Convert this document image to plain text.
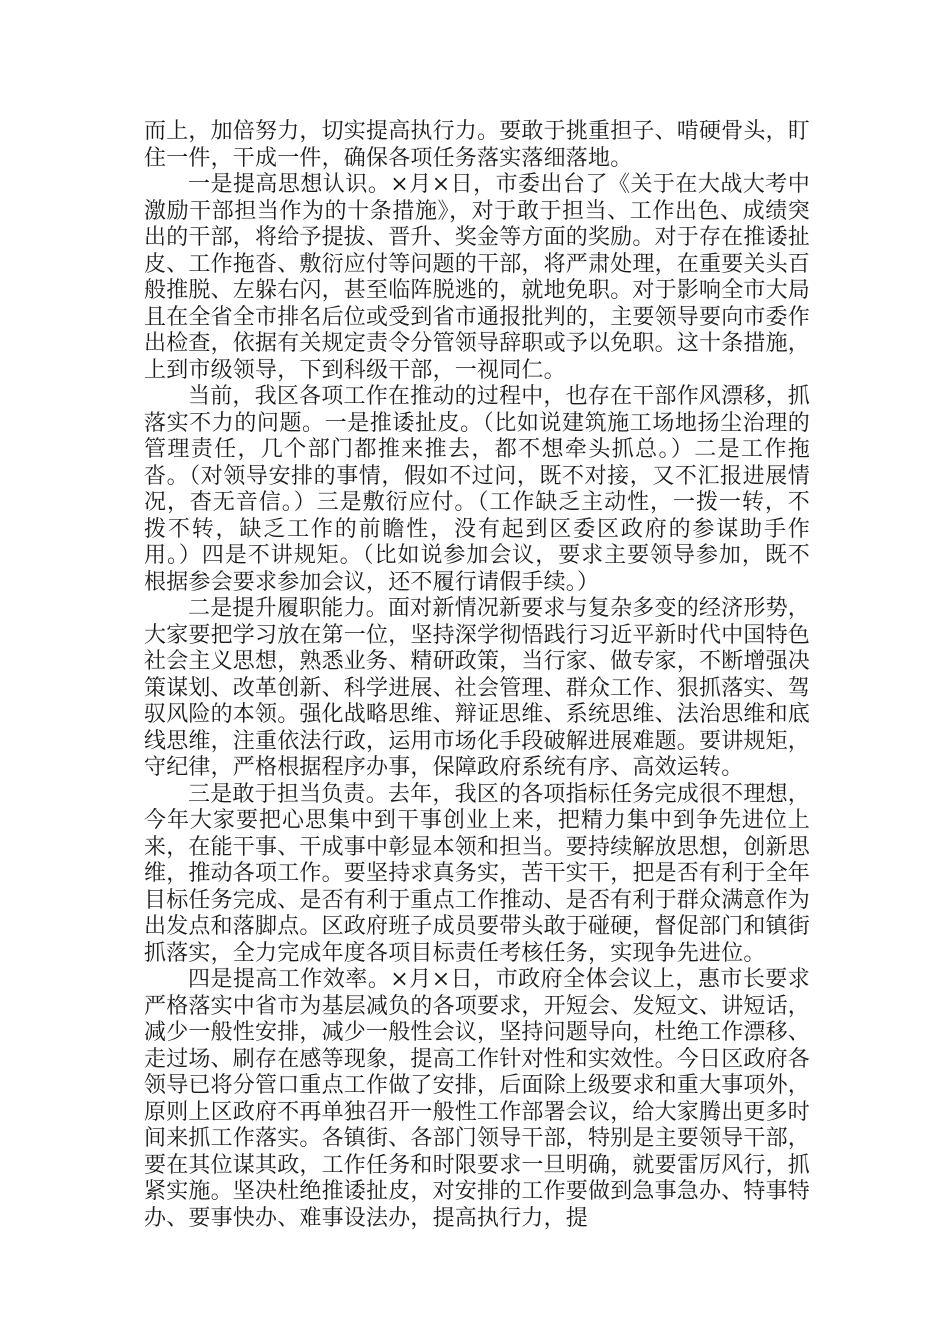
而上，加倍努力，切实提高执行力。要敢于挑重担子、啃硬骨头，盯住一件，干成一件，确保各项任务落实落细落地。

一是提高思想认识。×月×日，市委出台了《关于在大战大考中激励干部担当作为的十条措施》，对于敢于担当、工作出色、成绩突出的干部，将给予提拔、晋升、奖金等方面的奖励。对于存在推诿扯皮、工作拖沓、敷衍应付等问题的干部，将严肃处理，在重要关头百般推脱、左躲右闪，甚至临阵脱逃的，就地免职。对于影响全市大局且在全省全市排名后位或受到省市通报批判的，主要领导要向市委作出检查，依据有关规定责令分管领导辞职或予以免职。这十条措施，上到市级领导，下到科级干部，一视同仁。

当前，我区各项工作在推动的过程中，也存在干部作风漂移，抓落实不力的问题。一是推诿扯皮。（比如说建筑施工场地扬尘治理的管理责任，几个部门都推来推去，都不想牵头抓总。）二是工作拖沓。（对领导安排的事情，假如不过问，既不对接，又不汇报进展情况，杳无音信。）三是敷衍应付。（工作缺乏主动性，一拨一转，不拨不转，缺乏工作的前瞻性，没有起到区委区政府的参谋助手作用。）四是不讲规矩。（比如说参加会议，要求主要领导参加，既不根据参会要求参加会议，还不履行请假手续。）

二是提升履职能力。面对新情况新要求与复杂多变的经济形势，大家要把学习放在第一位，坚持深学彻悟践行习近平新时代中国特色社会主义思想，熟悉业务、精研政策，当行家、做专家，不断增强决策谋划、改革创新、科学进展、社会管理、群众工作、狠抓落实、驾驭风险的本领。强化战略思维、辩证思维、系统思维、法治思维和底线思维，注重依法行政，运用市场化手段破解进展难题。要讲规矩，守纪律，严格根据程序办事，保障政府系统有序、高效运转。

三是敢于担当负责。去年，我区的各项指标任务完成很不理想，今年大家要把心思集中到干事创业上来，把精力集中到争先进位上来，在能干事、干成事中彰显本领和担当。要持续解放思想，创新思维，推动各项工作。要坚持求真务实，苦干实干，把是否有利于全年目标任务完成、是否有利于重点工作推动、是否有利于群众满意作为出发点和落脚点。区政府班子成员要带头敢于碰硬，督促部门和镇街抓落实，全力完成年度各项目标责任考核任务，实现争先进位。

四是提高工作效率。×月×日，市政府全体会议上，惠市长要求严格落实中省市为基层减负的各项要求，开短会、发短文、讲短话，减少一般性安排，减少一般性会议，坚持问题导向，杜绝工作漂移、走过场、刷存在感等现象，提高工作针对性和实效性。今日区政府各领导已将分管口重点工作做了安排，后面除上级要求和重大事项外，原则上区政府不再单独召开一般性工作部署会议，给大家腾出更多时间来抓工作落实。各镇街、各部门领导干部，特别是主要领导干部，要在其位谋其政，工作任务和时限要求一旦明确，就要雷厉风行，抓紧实施。坚决杜绝推诿扯皮，对安排的工作要做到急事急办、特事特办、要事快办、难事设法办，提高执行力，提
